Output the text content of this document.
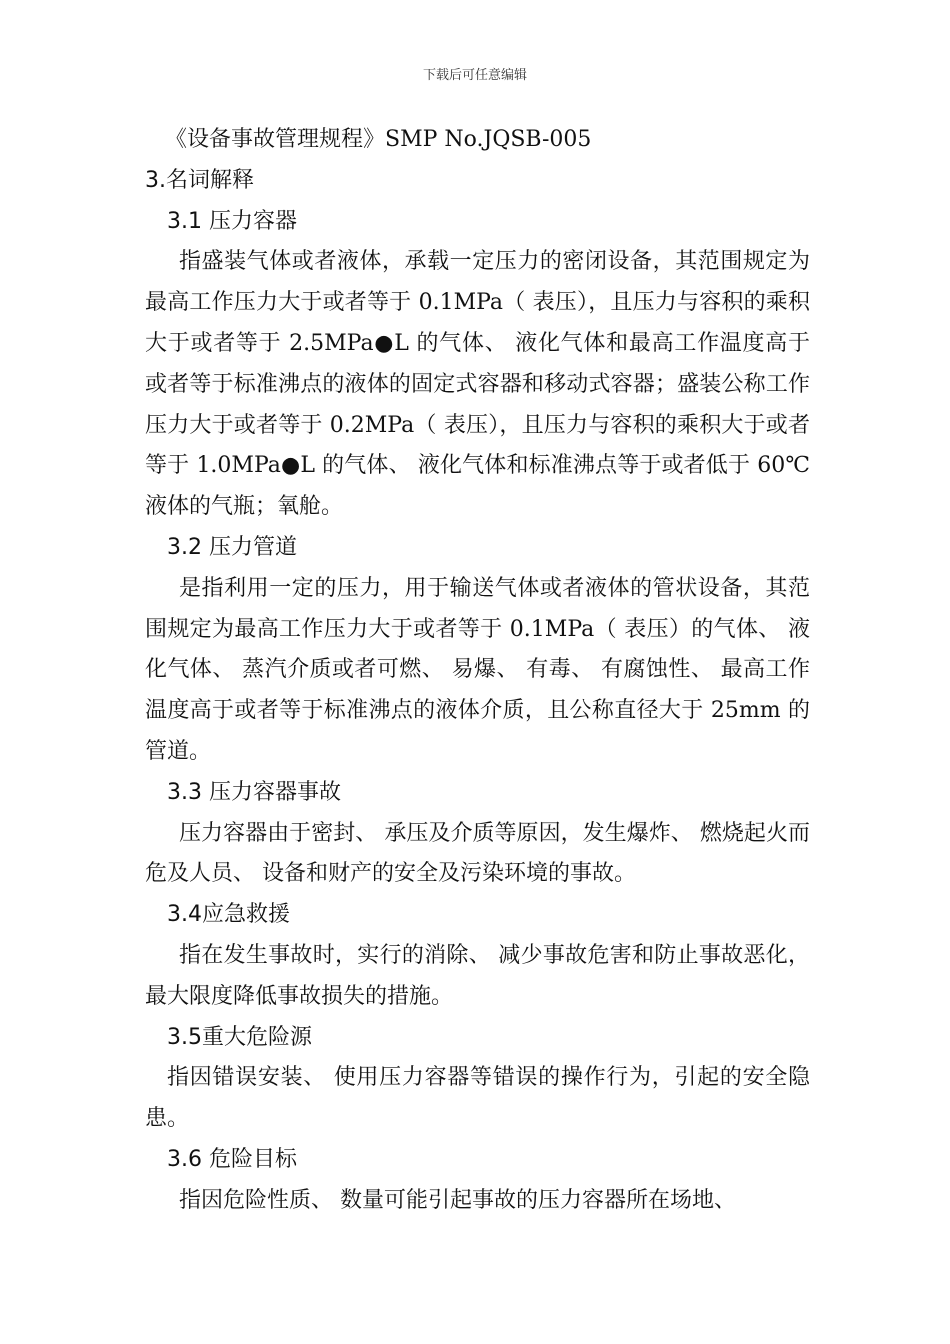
下载后可任意编辑

《设备事故管理规程》SMP No.JQSB-005

3.名词解释

3.1 压力容器

指盛装气体或者液体，承载一定压力的密闭设备，其范围规定为最高工作压力大于或者等于 0.1MPa（ 表压），且压力与容积的乘积大于或者等于 2.5MPa●L 的气体、 液化气体和最高工作温度高于或者等于标准沸点的液体的固定式容器和移动式容器；盛装公称工作压力大于或者等于 0.2MPa（ 表压），且压力与容积的乘积大于或者等于 1.0MPa●L 的气体、 液化气体和标准沸点等于或者低于 60℃液体的气瓶；氧舱。

3.2 压力管道

是指利用一定的压力，用于输送气体或者液体的管状设备，其范围规定为最高工作压力大于或者等于 0.1MPa（ 表压）的气体、 液化气体、 蒸汽介质或者可燃、 易爆、 有毒、 有腐蚀性、 最高工作温度高于或者等于标准沸点的液体介质，且公称直径大于 25mm 的管道。

3.3 压力容器事故

压力容器由于密封、 承压及介质等原因，发生爆炸、 燃烧起火而危及人员、 设备和财产的安全及污染环境的事故。

3.4应急救援

指在发生事故时，实行的消除、 减少事故危害和防止事故恶化，最大限度降低事故损失的措施。

3.5重大危险源

指因错误安装、 使用压力容器等错误的操作行为，引起的安全隐患。

3.6 危险目标

指因危险性质、 数量可能引起事故的压力容器所在场地、
